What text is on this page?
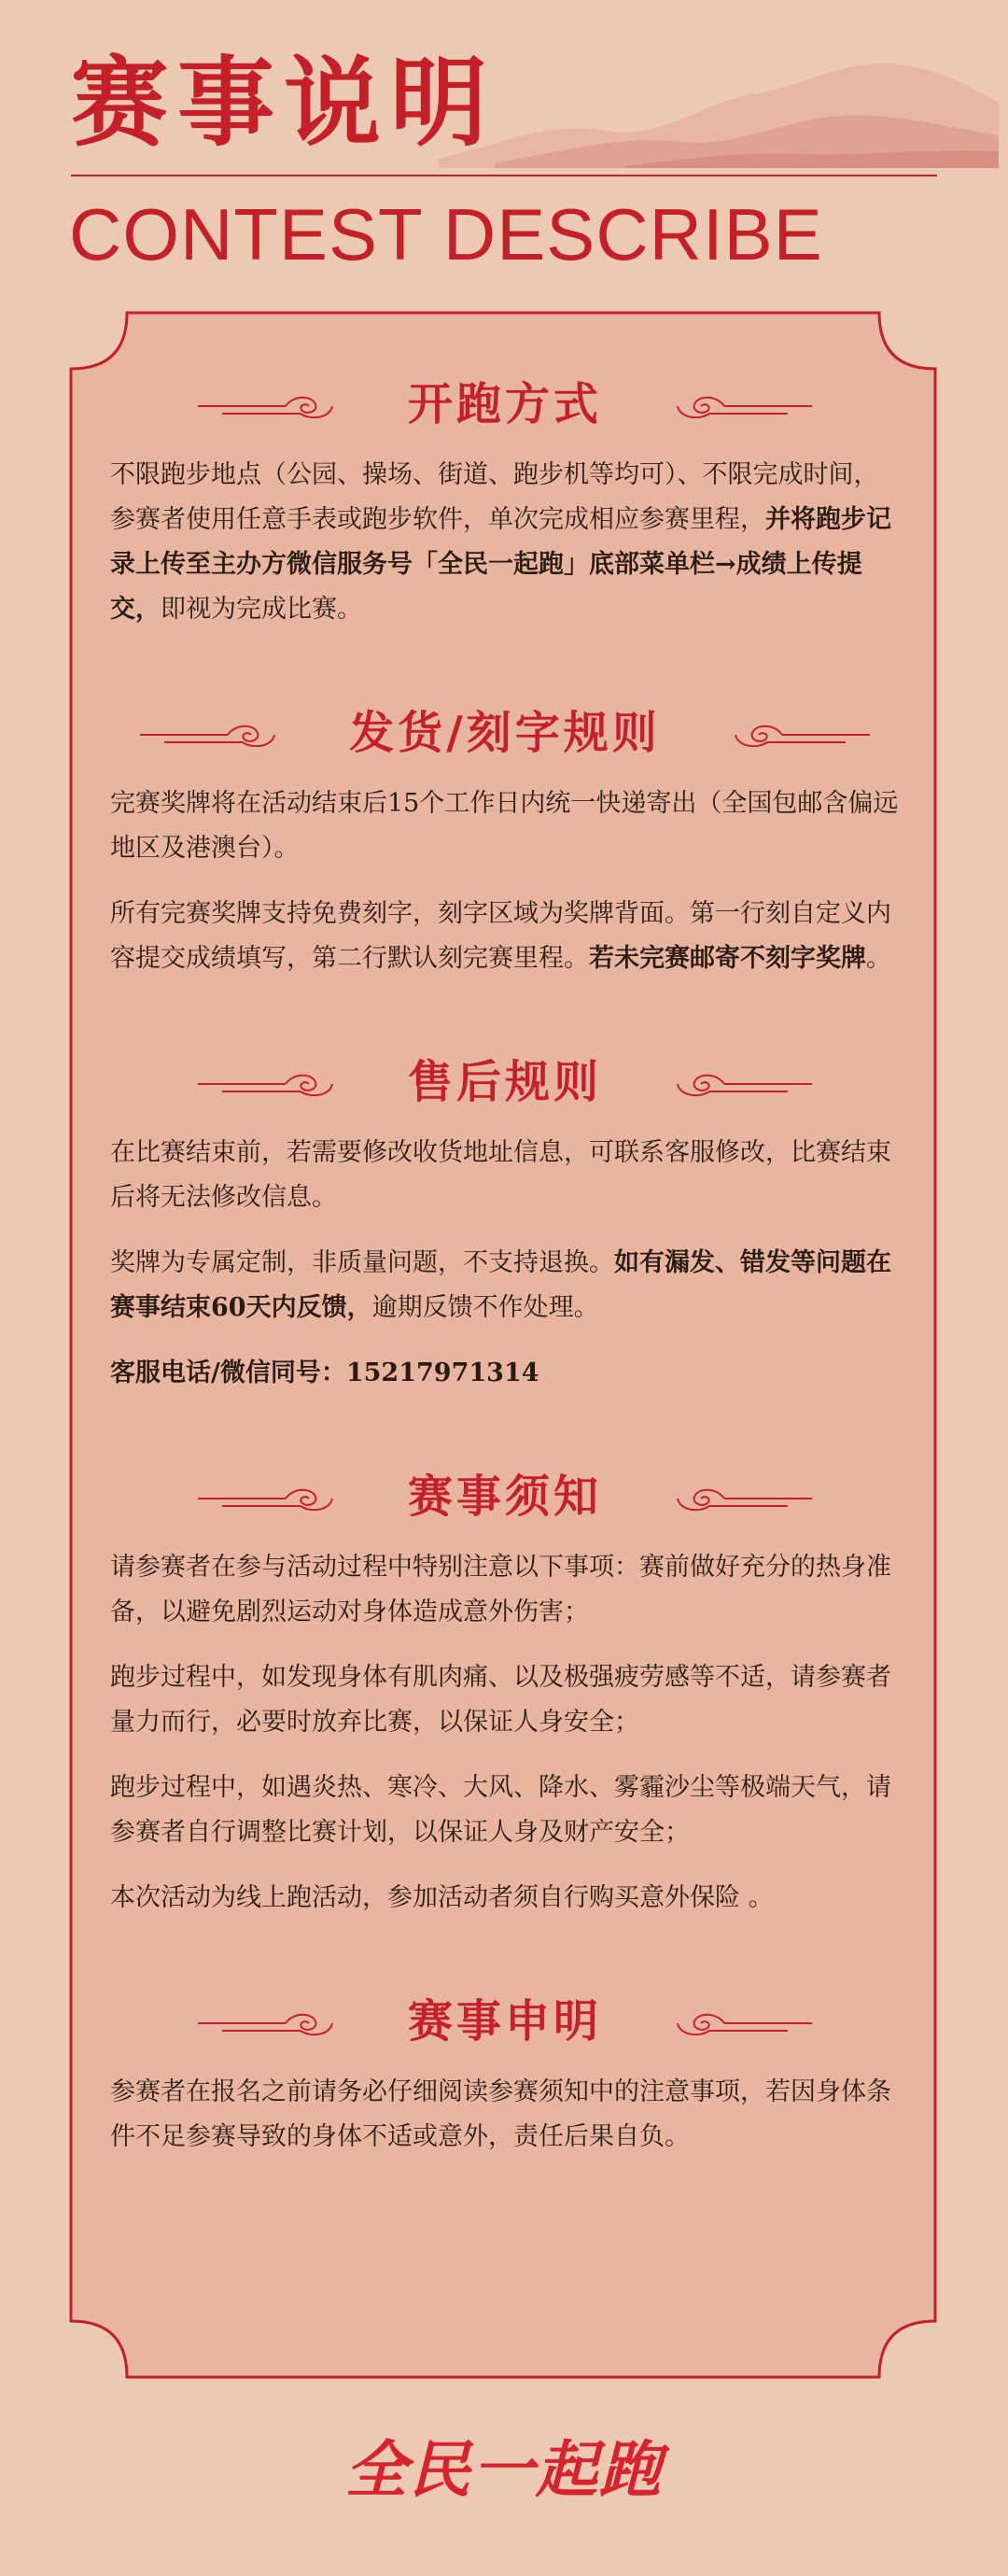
赛事说明
CONTEST DESCRIBE
开跑方式

不限跑步地点（公园、操场、街道、跑步机等均可）、不限完成时间，参赛者使用任意手表或跑步软件，单次完成相应参赛里程，并将跑步记录上传至主办方微信服务号「全民一起跑」底部菜单栏→成绩上传提交，即视为完成比赛。

发货/刻字规则

完赛奖牌将在活动结束后15个工作日内统一快递寄出（全国包邮含偏远地区及港澳台）。

所有完赛奖牌支持免费刻字，刻字区域为奖牌背面。第一行刻自定义内容提交成绩填写，第二行默认刻完赛里程。若未完赛邮寄不刻字奖牌。

售后规则

在比赛结束前，若需要修改收货地址信息，可联系客服修改，比赛结束后将无法修改信息。

奖牌为专属定制，非质量问题，不支持退换。如有漏发、错发等问题在赛事结束60天内反馈，逾期反馈不作处理。

客服电话/微信同号：15217971314

赛事须知

请参赛者在参与活动过程中特别注意以下事项：赛前做好充分的热身准备，以避免剧烈运动对身体造成意外伤害；

跑步过程中，如发现身体有肌肉痛、以及极强疲劳感等不适，请参赛者量力而行，必要时放弃比赛，以保证人身安全；

跑步过程中，如遇炎热、寒冷、大风、降水、雾霾沙尘等极端天气，请参赛者自行调整比赛计划，以保证人身及财产安全；

本次活动为线上跑活动，参加活动者须自行购买意外保险 。

赛事申明

参赛者在报名之前请务必仔细阅读参赛须知中的注意事项，若因身体条件不足参赛导致的身体不适或意外，责任后果自负。

全民一起跑
